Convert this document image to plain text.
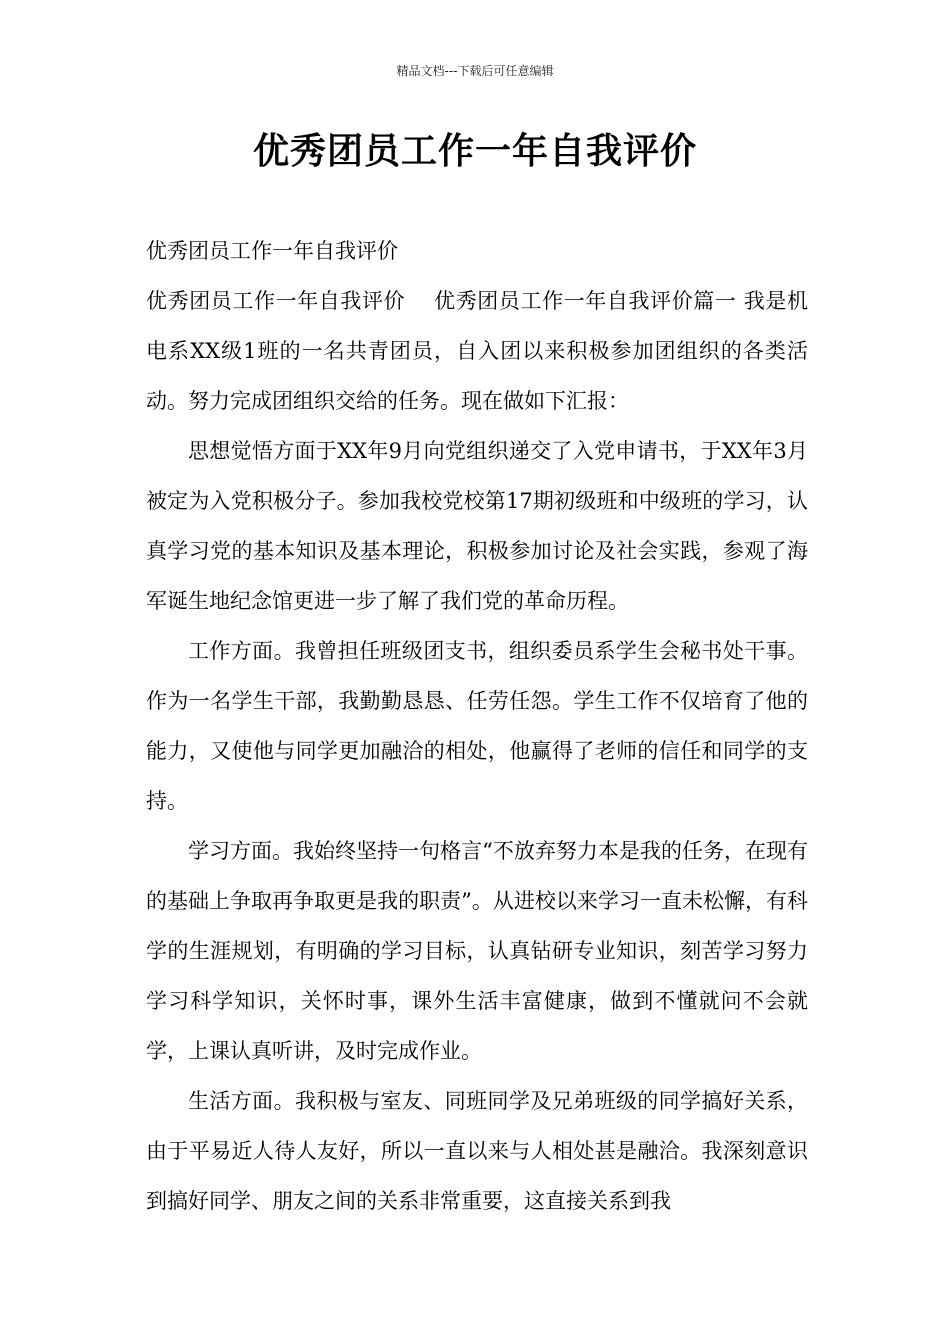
精品文档---下载后可任意编辑
优秀团员工作一年自我评价

优秀团员工作一年自我评价

优秀团员工作一年自我评价　 优秀团员工作一年自我评价篇一 我是机电系XX级1班的一名共青团员，自入团以来积极参加团组织的各类活动。努力完成团组织交给的任务。现在做如下汇报：

思想觉悟方面于XX年9月向党组织递交了入党申请书，于XX年3月被定为入党积极分子。参加我校党校第17期初级班和中级班的学习，认真学习党的基本知识及基本理论，积极参加讨论及社会实践，参观了海军诞生地纪念馆更进一步了解了我们党的革命历程。

工作方面。我曾担任班级团支书，组织委员系学生会秘书处干事。作为一名学生干部，我勤勤恳恳、任劳任怨。学生工作不仅培育了他的能力，又使他与同学更加融洽的相处，他赢得了老师的信任和同学的支持。

学习方面。我始终坚持一句格言“不放弃努力本是我的任务，在现有的基础上争取再争取更是我的职责”。从进校以来学习一直未松懈，有科学的生涯规划，有明确的学习目标，认真钻研专业知识，刻苦学习努力学习科学知识，关怀时事，课外生活丰富健康，做到不懂就问不会就学，上课认真听讲，及时完成作业。

生活方面。我积极与室友、同班同学及兄弟班级的同学搞好关系，由于平易近人待人友好，所以一直以来与人相处甚是融洽。我深刻意识到搞好同学、朋友之间的关系非常重要，这直接关系到我
